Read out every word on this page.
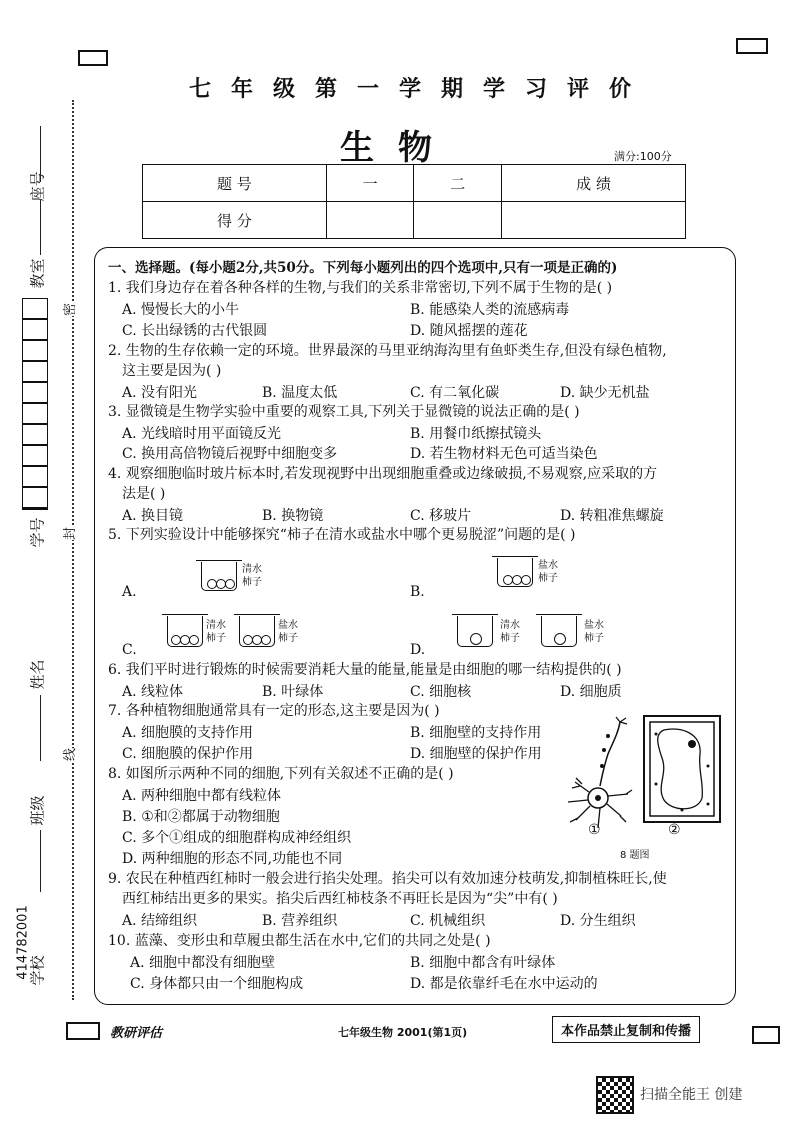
座号
教室
学号
姓名
班级
414782001
学校
密
封
线
七年级第一学期学习评价
生物	满分:100分
题 号	一	二	成 绩
得 分			
一、选择题。(每小题2分,共50分。下列每小题列出的四个选项中,只有一项是正确的)
1. 我们身边存在着各种各样的生物,与我们的关系非常密切,下列不属于生物的是( )
A. 慢慢长大的小牛	B. 能感染人类的流感病毒
C. 长出绿锈的古代银圆	D. 随风摇摆的莲花
2. 生物的生存依赖一定的环境。世界最深的马里亚纳海沟里有鱼虾类生存,但没有绿色植物,
这主要是因为( )
A. 没有阳光	B. 温度太低	C. 有二氧化碳	D. 缺少无机盐
3. 显微镜是生物学实验中重要的观察工具,下列关于显微镜的说法正确的是( )
A. 光线暗时用平面镜反光	B. 用餐巾纸擦拭镜头
C. 换用高倍物镜后视野中细胞变多	D. 若生物材料无色可适当染色
4. 观察细胞临时玻片标本时,若发现视野中出现细胞重叠或边缘破损,不易观察,应采取的方
法是( )
A. 换目镜	B. 换物镜	C. 移玻片	D. 转粗准焦螺旋
5. 下列实验设计中能够探究“柿子在清水或盐水中哪个更易脱涩”问题的是( )
A.	B.
C.	D.
清水
柿子
盐水
柿子
清水
柿子
盐水
柿子
清水
柿子
盐水
柿子
6. 我们平时进行锻炼的时候需要消耗大量的能量,能量是由细胞的哪一结构提供的( )
A. 线粒体	B. 叶绿体	C. 细胞核	D. 细胞质
7. 各种植物细胞通常具有一定的形态,这主要是因为( )
A. 细胞膜的支持作用	B. 细胞壁的支持作用
C. 细胞膜的保护作用	D. 细胞壁的保护作用
8. 如图所示两种不同的细胞,下列有关叙述不正确的是( )
A. 两种细胞中都有线粒体
B. ①和②都属于动物细胞
C. 多个①组成的细胞群构成神经组织
D. 两种细胞的形态不同,功能也不同
①	②
8 题图
9. 农民在种植西红柿时一般会进行掐尖处理。掐尖可以有效加速分枝萌发,抑制植株旺长,使
西红柿结出更多的果实。掐尖后西红柿枝条不再旺长是因为“尖”中有( )
A. 结缔组织	B. 营养组织	C. 机械组织	D. 分生组织
10. 蓝藻、变形虫和草履虫都生活在水中,它们的共同之处是( )
A. 细胞中都没有细胞壁	B. 细胞中都含有叶绿体
C. 身体都只由一个细胞构成	D. 都是依靠纤毛在水中运动的
教研评估	七年级生物 2001(第1页)	本作品禁止复制和传播
扫描全能王 创建
